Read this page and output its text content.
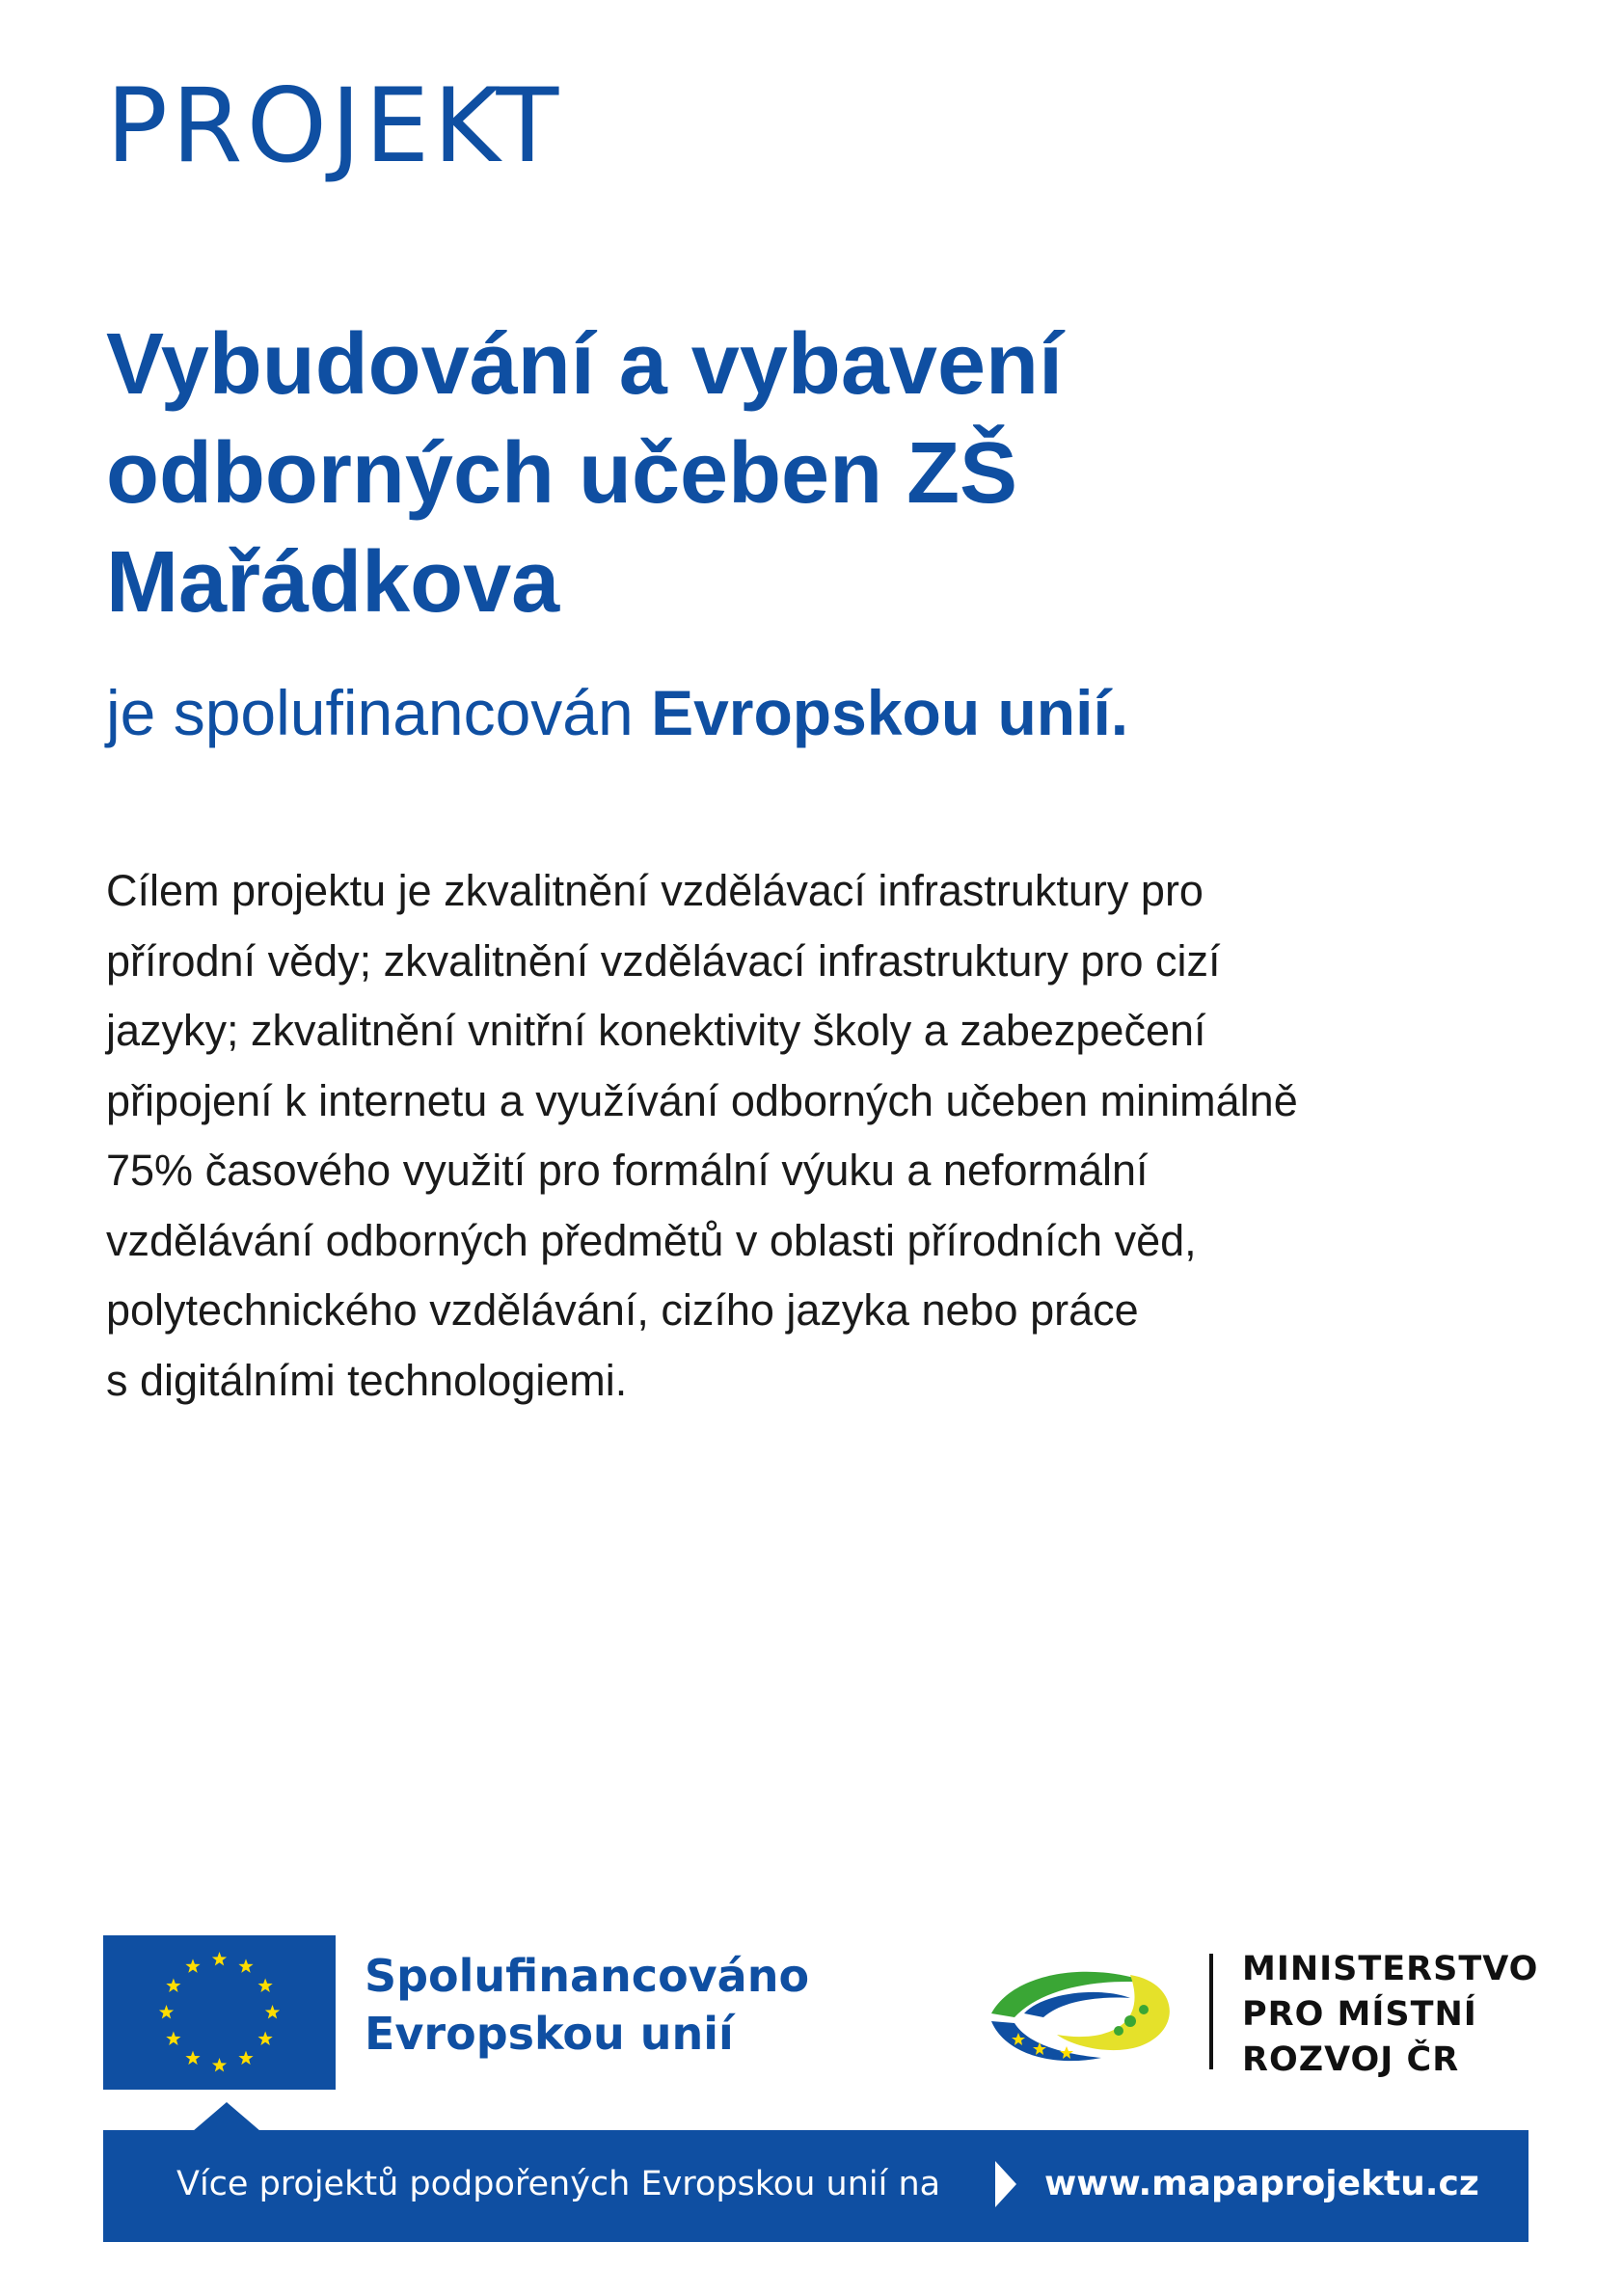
PROJEKT
Vybudování a vybavení
odborných učeben ZŠ
Mařádkova

je spolufinancován Evropskou unií.

Cílem projektu je zkvalitnění vzdělávací infrastruktury pro
přírodní vědy; zkvalitnění vzdělávací infrastruktury pro cizí
jazyky; zkvalitnění vnitřní konektivity školy a zabezpečení
připojení k internetu a využívání odborných učeben minimálně
75% časového využití pro formální výuku a neformální
vzdělávání odborných předmětů v oblasti přírodních věd,
polytechnického vzdělávání, cizího jazyka nebo práce
s digitálními technologiemi.

Spolufinancováno
Evropskou unií
MINISTERSTVO
PRO MÍSTNÍ
ROZVOJ ČR
Více projektů podpořených Evropskou unií na	www.mapaprojektu.cz
